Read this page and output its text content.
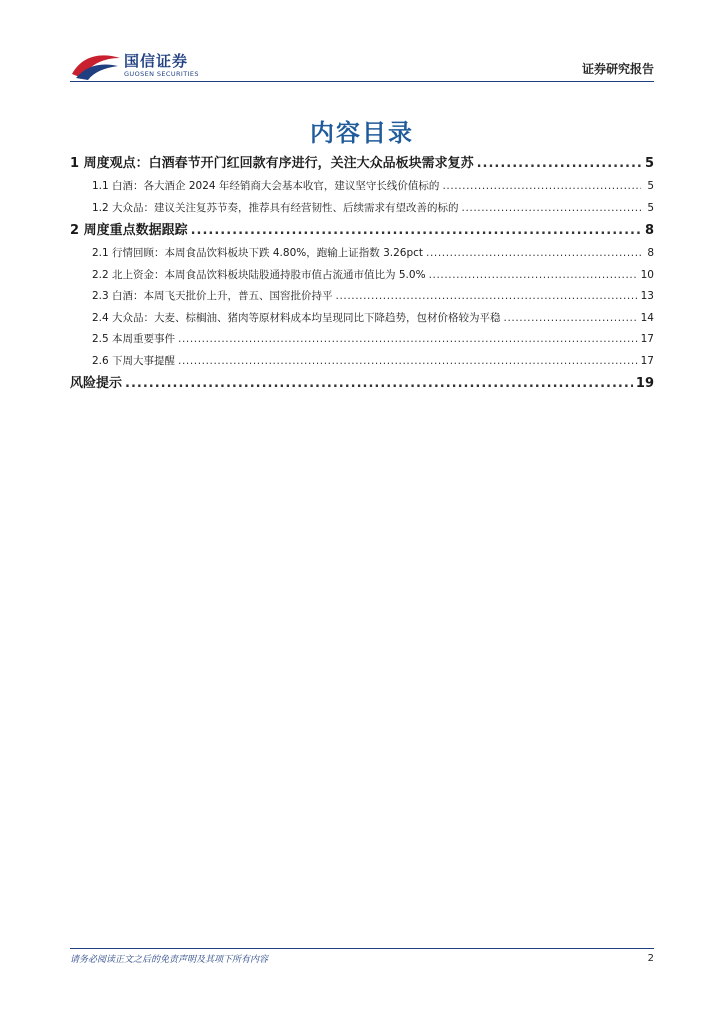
国信证券
GUOSEN SECURITIES	证券研究报告
内容目录
1 周度观点：白酒春节开门红回款有序进行，关注大众品板块需求复苏 .....	5
1.1 白酒：各大酒企 2024 年经销商大会基本收官，建议坚守长线价值标的 .....	5
1.2 大众品：建议关注复苏节奏，推荐具有经营韧性、后续需求有望改善的标的 .....	5
2 周度重点数据跟踪 .....	8
2.1 行情回顾：本周食品饮料板块下跌 4.80%，跑输上证指数 3.26pct .....	8
2.2 北上资金：本周食品饮料板块陆股通持股市值占流通市值比为 5.0% .....	10
2.3 白酒：本周飞天批价上升，普五、国窖批价持平 .....	13
2.4 大众品：大麦、棕榈油、猪肉等原材料成本均呈现同比下降趋势，包材价格较为平稳 .....	14
2.5 本周重要事件 .....	17
2.6 下周大事提醒 .....	17
风险提示 .....	19
请务必阅读正文之后的免责声明及其项下所有内容	2
